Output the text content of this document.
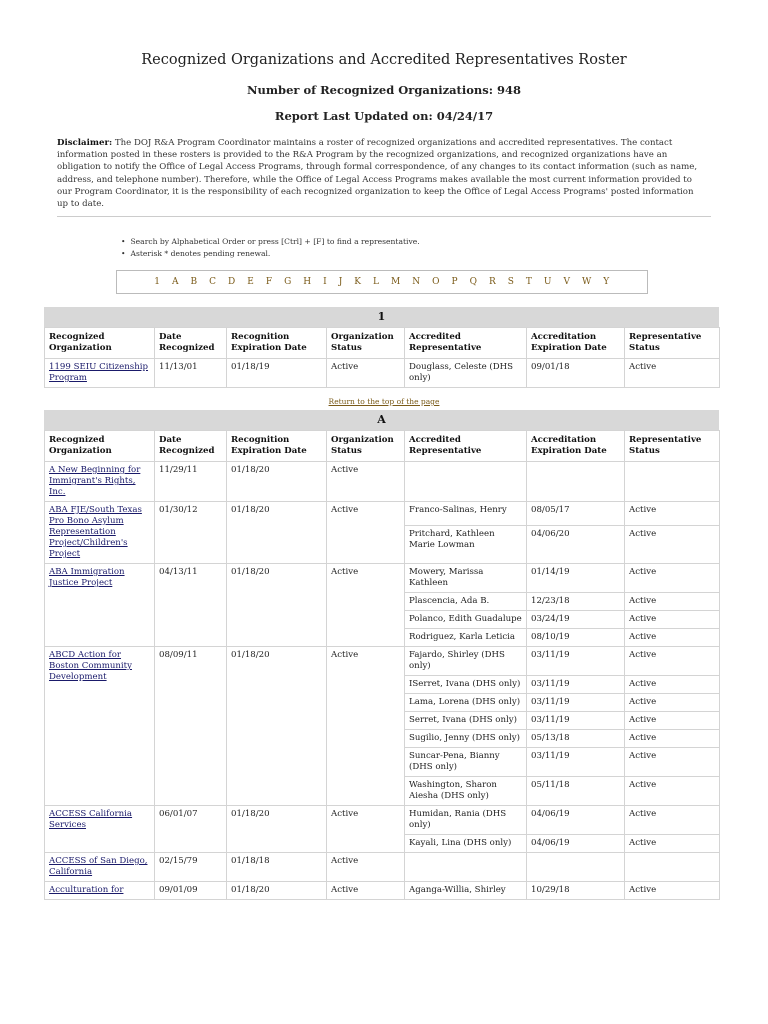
Recognized Organizations and Accredited Representatives Roster
Number of Recognized Organizations: 948
Report Last Updated on: 04/24/17
Disclaimer: The DOJ R&A Program Coordinator maintains a roster of recognized organizations and accredited representatives. The contact information posted in these rosters is provided to the R&A Program by the recognized organizations, and recognized organizations have an obligation to notify the Office of Legal Access Programs, through formal correspondence, of any changes to its contact information (such as name, address, and telephone number). Therefore, while the Office of Legal Access Programs makes available the most current information provided to our Program Coordinator, it is the responsibility of each recognized organization to keep the Office of Legal Access Programs' posted information up to date.
• Search by Alphabetical Order or press [Ctrl] + [F] to find a representative.
• Asterisk * denotes pending renewal.
1 A B C D E F G H I J K L M N O P Q R S T U V W Y
1
Recognized Organization	Date Recognized	Recognition Expiration Date	Organization Status	Accredited Representative	Accreditation Expiration Date	Representative Status
1199 SEIU Citizenship Program	11/13/01	01/18/19	Active	Douglass, Celeste (DHS only)	09/01/18	Active
Return to the top of the page
A
Recognized Organization	Date Recognized	Recognition Expiration Date	Organization Status	Accredited Representative	Accreditation Expiration Date	Representative Status
A New Beginning for Immigrant's Rights, Inc.	11/29/11	01/18/20	Active			
ABA FJE/South Texas Pro Bono Asylum Representation Project/Children's Project	01/30/12	01/18/20	Active	Franco-Salinas, Henry	08/05/17	Active
				Pritchard, Kathleen Marie Lowman	04/06/20	Active
ABA Immigration Justice Project	04/13/11	01/18/20	Active	Mowery, Marissa Kathleen	01/14/19	Active
				Plascencia, Ada B.	12/23/18	Active
				Polanco, Edith Guadalupe	03/24/19	Active
				Rodriguez, Karla Leticia	08/10/19	Active
ABCD Action for Boston Community Development	08/09/11	01/18/20	Active	Fajardo, Shirley (DHS only)	03/11/19	Active
				ISerret, Ivana (DHS only)	03/11/19	Active
				Lama, Lorena (DHS only)	03/11/19	Active
				Serret, Ivana (DHS only)	03/11/19	Active
				Sugilio, Jenny (DHS only)	05/13/18	Active
				Suncar-Pena, Bianny (DHS only)	03/11/19	Active
				Washington, Sharon Aiesha (DHS only)	05/11/18	Active
ACCESS California Services	06/01/07	01/18/20	Active	Humidan, Rania (DHS only)	04/06/19	Active
				Kayali, Lina (DHS only)	04/06/19	Active
ACCESS of San Diego, California	02/15/79	01/18/18	Active			
Acculturation for	09/01/09	01/18/20	Active	Aganga-Willia, Shirley	10/29/18	Active
